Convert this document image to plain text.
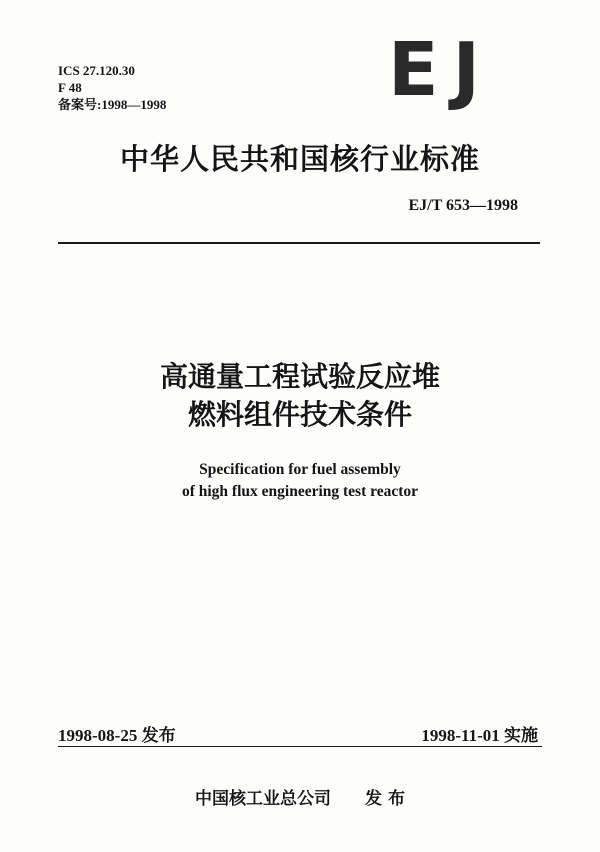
ICS 27.120.30
F 48
备案号:1998—1998	EJ
中华人民共和国核行业标准
EJ/T 653—1998
高通量工程试验反应堆
燃料组件技术条件
Specification for fuel assembly
of high flux engineering test reactor
1998-08-25 发布	1998-11-01 实施
中国核工业总公司 发 布
